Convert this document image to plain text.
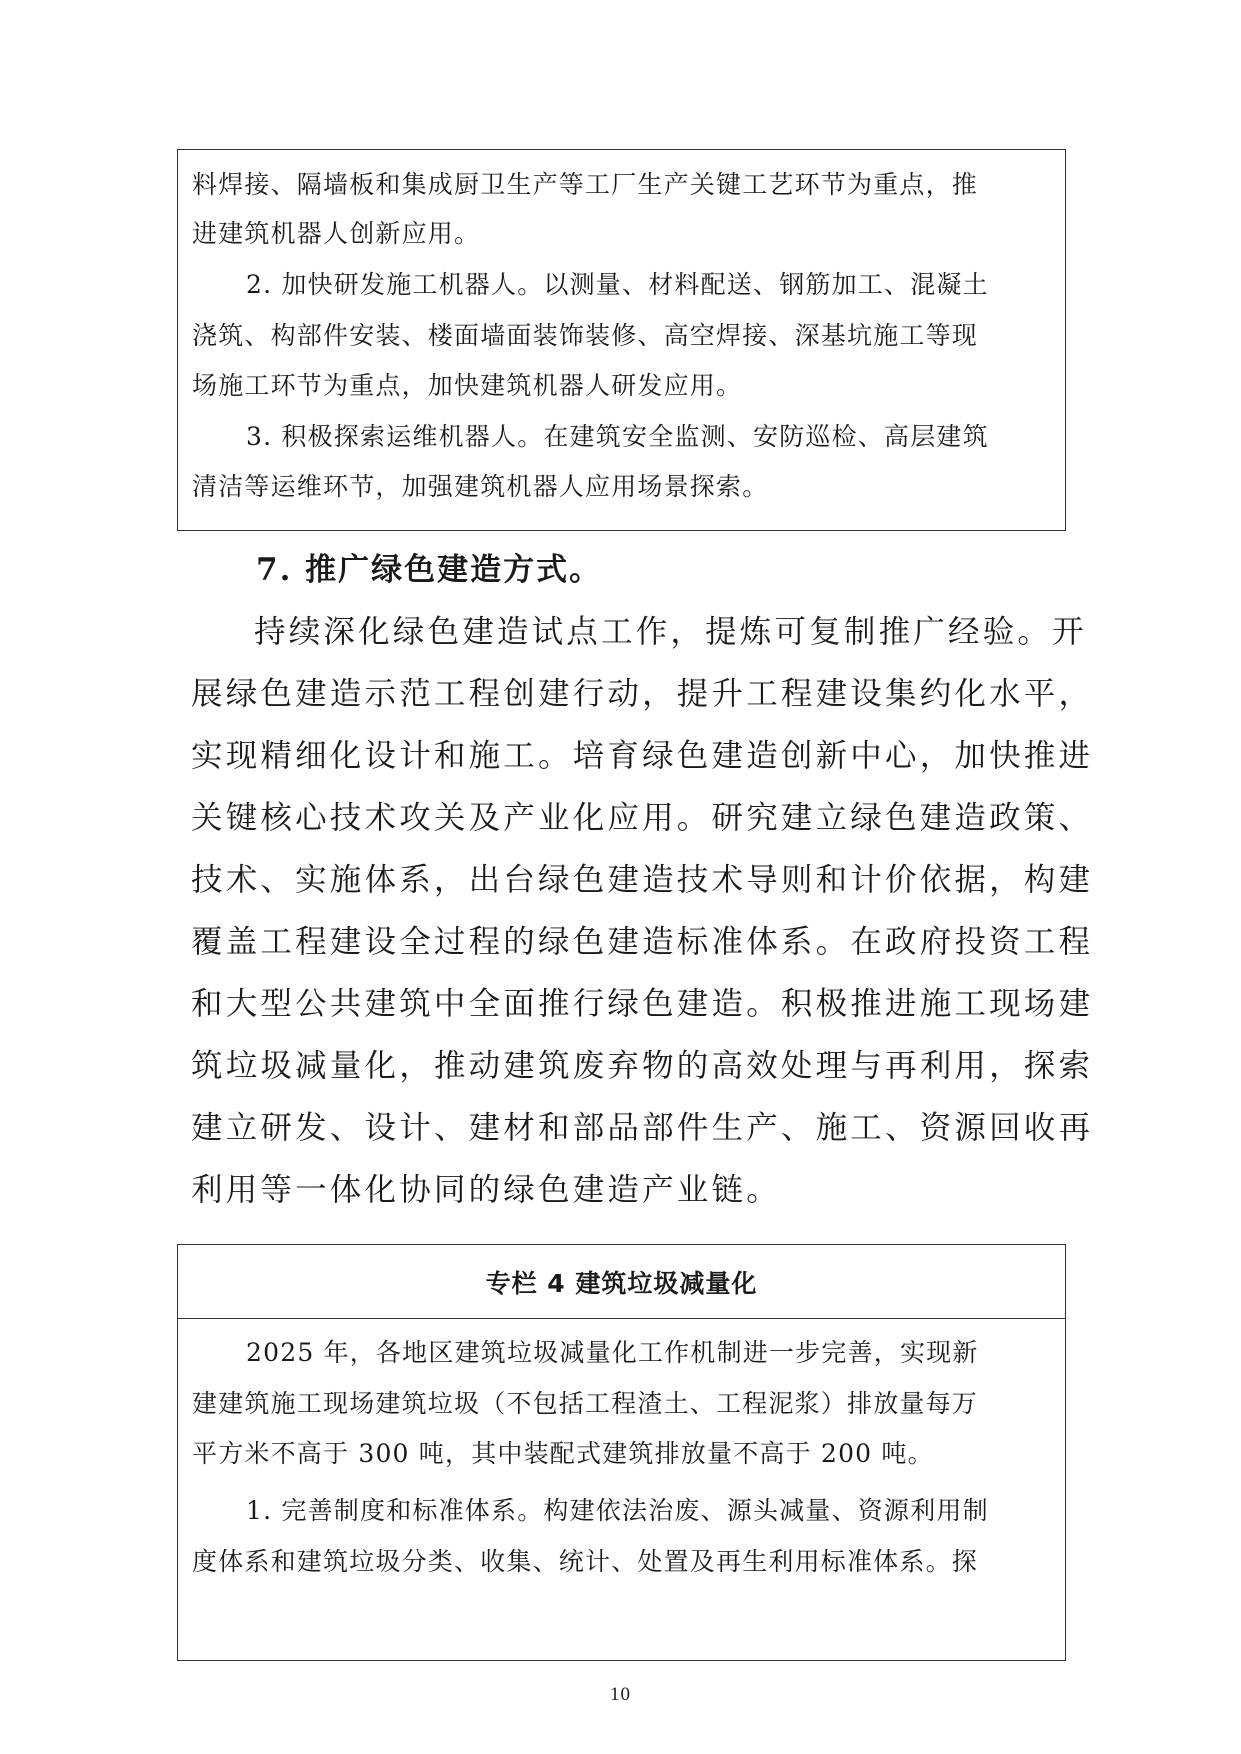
料焊接、隔墙板和集成厨卫生产等工厂生产关键工艺环节为重点，推
进建筑机器人创新应用。
2. 加快研发施工机器人。以测量、材料配送、钢筋加工、混凝土
浇筑、构部件安装、楼面墙面装饰装修、高空焊接、深基坑施工等现
场施工环节为重点，加快建筑机器人研发应用。
3. 积极探索运维机器人。在建筑安全监测、安防巡检、高层建筑
清洁等运维环节，加强建筑机器人应用场景探索。
7. 推广绿色建造方式。
持续深化绿色建造试点工作，提炼可复制推广经验。开
展绿色建造示范工程创建行动，提升工程建设集约化水平，
实现精细化设计和施工。培育绿色建造创新中心，加快推进
关键核心技术攻关及产业化应用。研究建立绿色建造政策、
技术、实施体系，出台绿色建造技术导则和计价依据，构建
覆盖工程建设全过程的绿色建造标准体系。在政府投资工程
和大型公共建筑中全面推行绿色建造。积极推进施工现场建
筑垃圾减量化，推动建筑废弃物的高效处理与再利用，探索
建立研发、设计、建材和部品部件生产、施工、资源回收再
利用等一体化协同的绿色建造产业链。
专栏 4 建筑垃圾减量化
2025 年，各地区建筑垃圾减量化工作机制进一步完善，实现新
建建筑施工现场建筑垃圾（不包括工程渣土、工程泥浆）排放量每万
平方米不高于 300 吨，其中装配式建筑排放量不高于 200 吨。
1. 完善制度和标准体系。构建依法治废、源头减量、资源利用制
度体系和建筑垃圾分类、收集、统计、处置及再生利用标准体系。探
10
